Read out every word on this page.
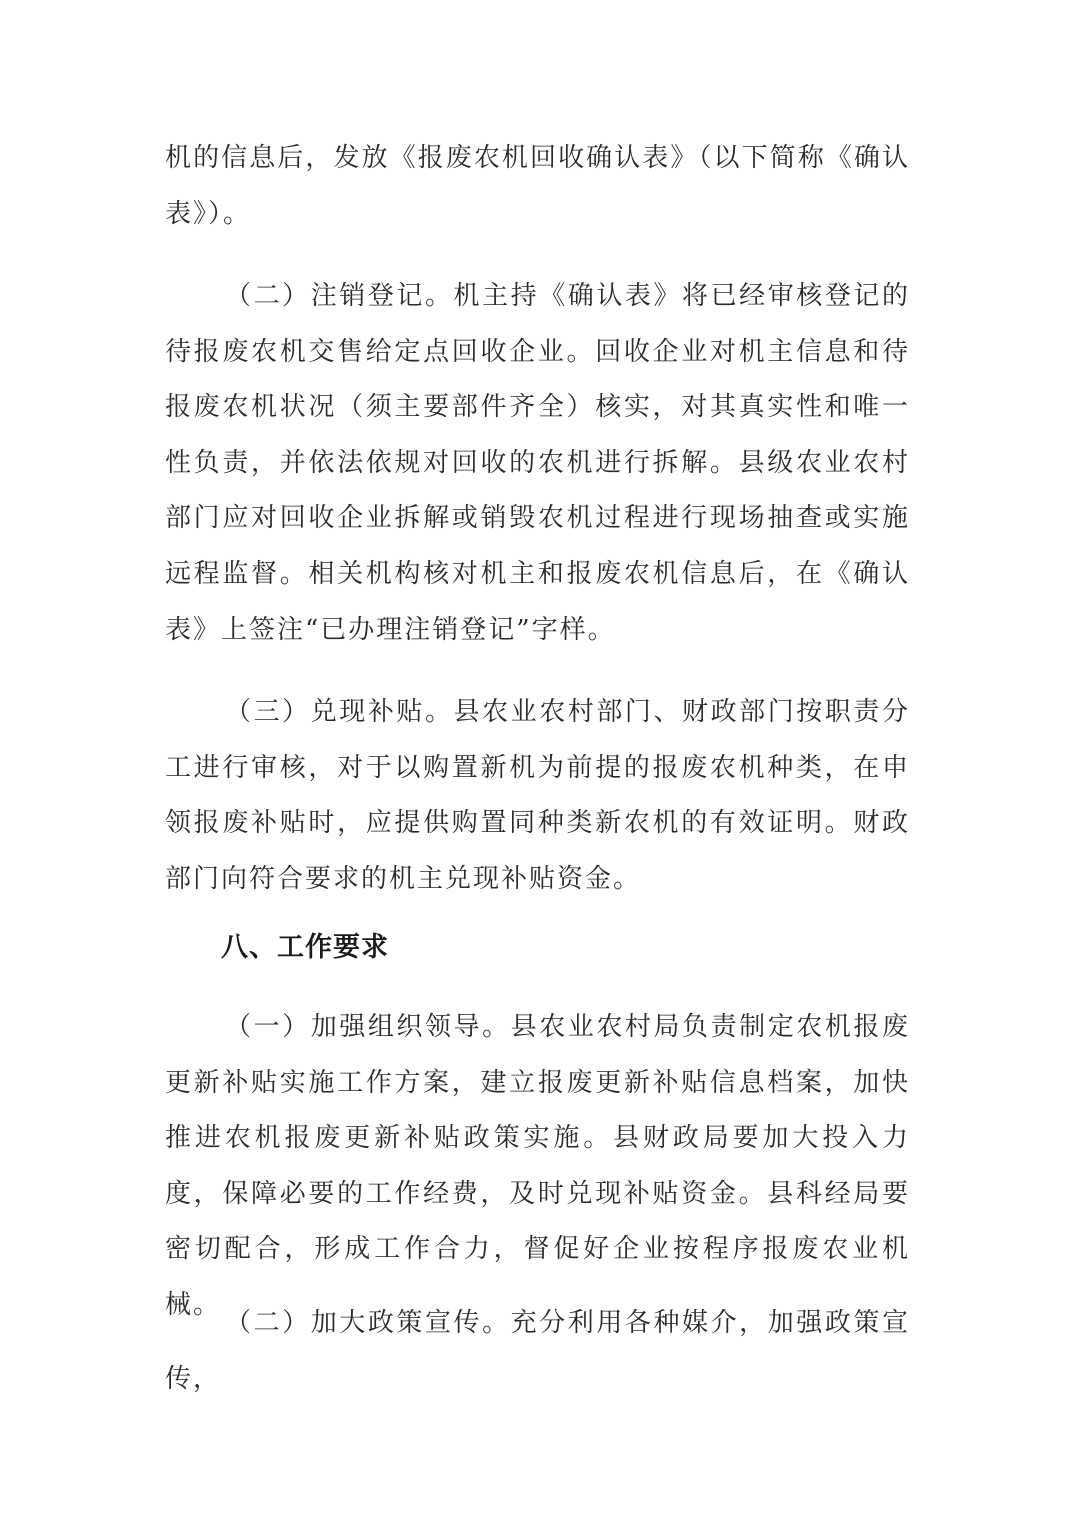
机的信息后，发放《报废农机回收确认表》（以下简称《确认表》）。

（二）注销登记。机主持《确认表》将已经审核登记的待报废农机交售给定点回收企业。回收企业对机主信息和待报废农机状况（须主要部件齐全）核实，对其真实性和唯一性负责，并依法依规对回收的农机进行拆解。县级农业农村部门应对回收企业拆解或销毁农机过程进行现场抽查或实施远程监督。相关机构核对机主和报废农机信息后，在《确认表》上签注“已办理注销登记”字样。

（三）兑现补贴。县农业农村部门、财政部门按职责分工进行审核，对于以购置新机为前提的报废农机种类，在申领报废补贴时，应提供购置同种类新农机的有效证明。财政部门向符合要求的机主兑现补贴资金。

八、工作要求

（一）加强组织领导。县农业农村局负责制定农机报废更新补贴实施工作方案，建立报废更新补贴信息档案，加快推进农机报废更新补贴政策实施。县财政局要加大投入力度，保障必要的工作经费，及时兑现补贴资金。县科经局要密切配合，形成工作合力，督促好企业按程序报废农业机械。

（二）加大政策宣传。充分利用各种媒介，加强政策宣传，
